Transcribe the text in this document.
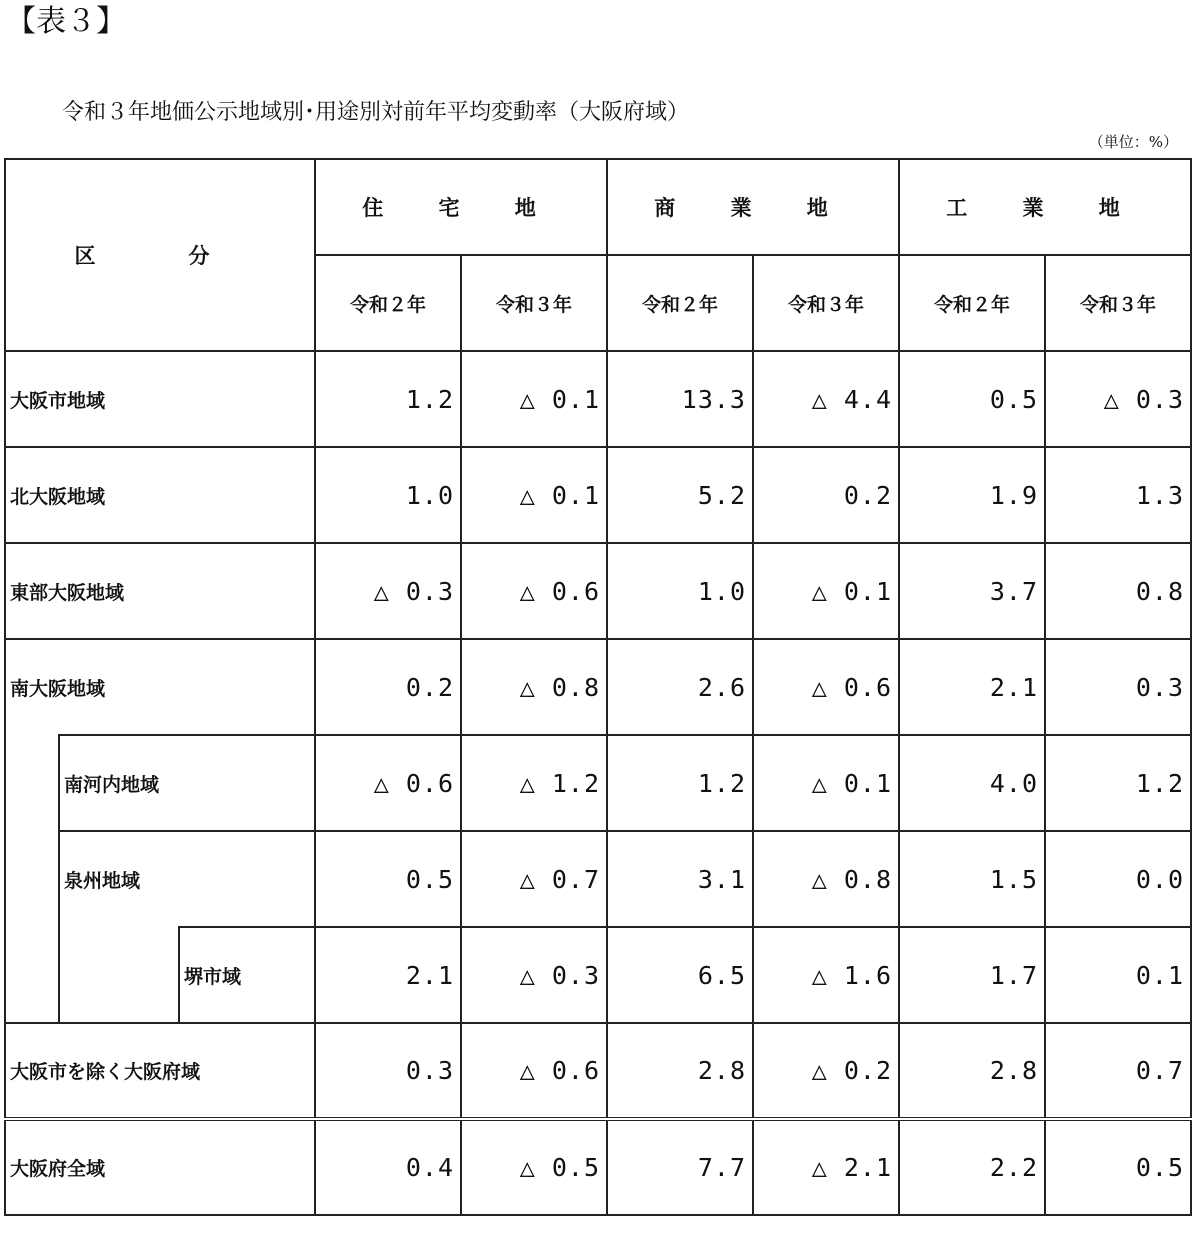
【表３】
令和３年地価公示地域別･用途別対前年平均変動率（大阪府域）
（単位：%）
区　分			住 宅 地		商 業 地		工 業 地	
			令和２年	令和３年	令和２年	令和３年	令和２年	令和３年
大阪市地域			1.2	△ 0.1	13.3	△ 4.4	0.5	△ 0.3
北大阪地域			1.0	△ 0.1	5.2	0.2	1.9	1.3
東部大阪地域			△ 0.3	△ 0.6	1.0	△ 0.1	3.7	0.8
南大阪地域			0.2	△ 0.8	2.6	△ 0.6	2.1	0.3
	南河内地域		△ 0.6	△ 1.2	1.2	△ 0.1	4.0	1.2
	泉州地域		0.5	△ 0.7	3.1	△ 0.8	1.5	0.0
		堺市域	2.1	△ 0.3	6.5	△ 1.6	1.7	0.1
大阪市を除く大阪府域			0.3	△ 0.6	2.8	△ 0.2	2.8	0.7
大阪府全域			0.4	△ 0.5	7.7	△ 2.1	2.2	0.5
